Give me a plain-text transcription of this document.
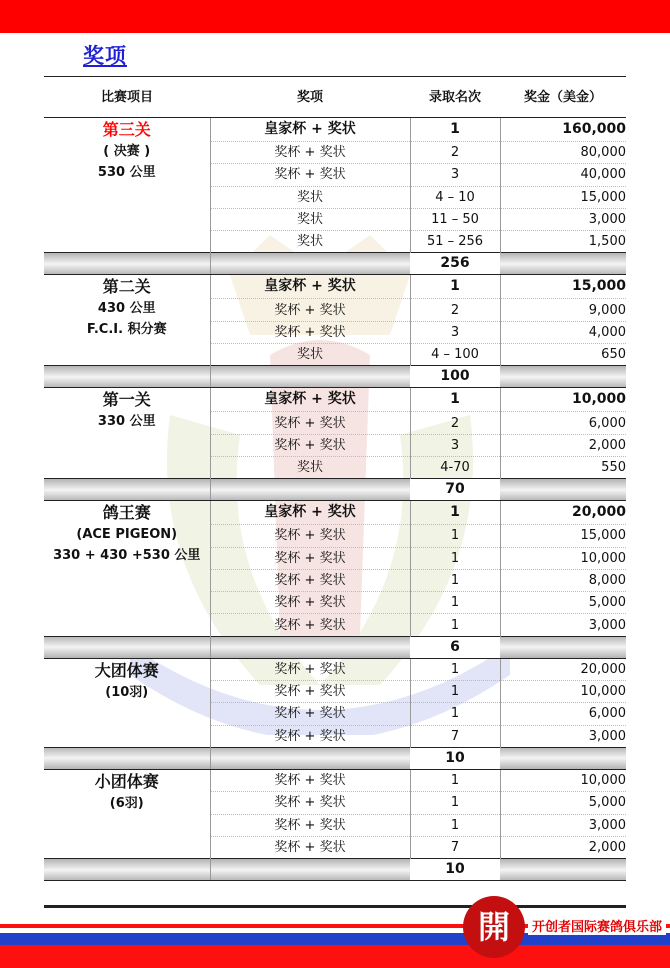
奖项
比赛项目	奖项	录取名次	奖金（美金）

第三关
( 决赛 )
530 公里	皇家杯 + 奖状	1	160,000
	奖杯 + 奖状	2	80,000
	奖杯 + 奖状	3	40,000
	奖状	4 – 10	15,000
	奖状	11 – 50	3,000
	奖状	51 – 256	1,500
		256	

第二关
430 公里
F.C.I. 积分赛	皇家杯 + 奖状	1	15,000
	奖杯 + 奖状	2	9,000
	奖杯 + 奖状	3	4,000
	奖状	4 – 100	650
		100	

第一关
330 公里	皇家杯 + 奖状	1	10,000
	奖杯 + 奖状	2	6,000
	奖杯 + 奖状	3	2,000
	奖状	4-70	550
		70	

鸽王赛
(ACE PIGEON)
330 + 430 +530 公里	皇家杯 + 奖状	1	20,000
	奖杯 + 奖状	1	15,000
	奖杯 + 奖状	1	10,000
	奖杯 + 奖状	1	8,000
	奖杯 + 奖状	1	5,000
	奖杯 + 奖状	1	3,000
		6	

大团体赛
(10羽)	奖杯 + 奖状	1	20,000
	奖杯 + 奖状	1	10,000
	奖杯 + 奖状	1	6,000
	奖杯 + 奖状	7	3,000
		10	

小团体赛
(6羽)	奖杯 + 奖状	1	10,000
	奖杯 + 奖状	1	5,000
	奖杯 + 奖状	1	3,000
	奖杯 + 奖状	7	2,000
		10	
開	开创者国际赛鸽俱乐部
